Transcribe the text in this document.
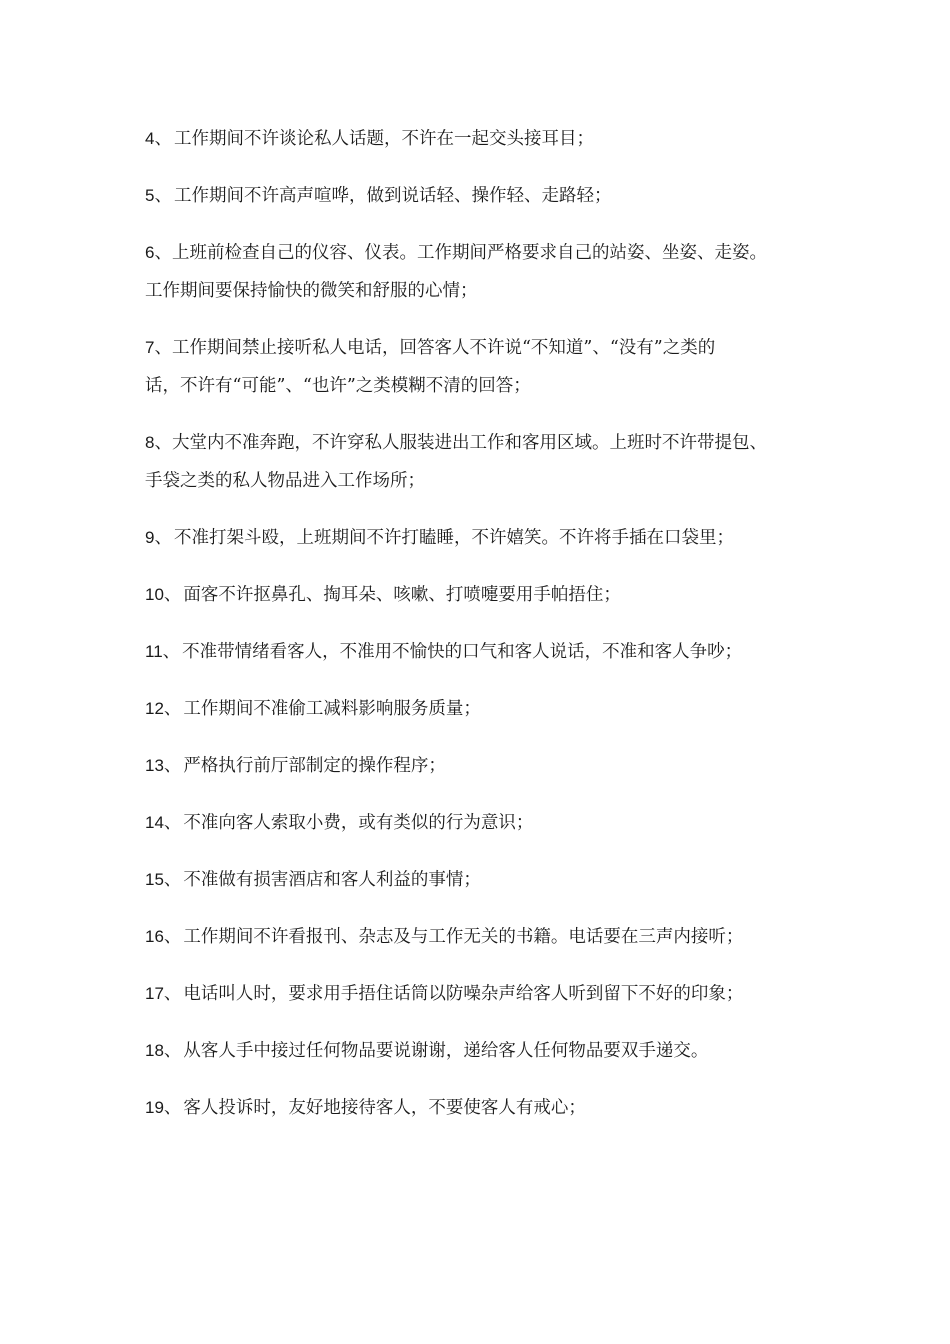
4 、 工作期间不许谈论私人话题，不许在一起交头接耳目；
5 、 工作期间不许高声喧哗，做到说话轻、操作轻、走路轻；
6、上班前检查自己的仪容、仪表。工作期间严格要求自己的站姿、坐姿、走姿。
工作期间要保持愉快的微笑和舒服的心情；
7、工作期间禁止接听私人电话，回答客人不许说“不知道”、“没有”之类的
话，不许有“可能”、“也许”之类模糊不清的回答；
8、大堂内不准奔跑，不许穿私人服装进出工作和客用区域。上班时不许带提包、
手袋之类的私人物品进入工作场所；
9 、 不准打架斗殴，上班期间不许打瞌睡，不许嬉笑。不许将手插在口袋里；
10 、 面客不许抠鼻孔、掏耳朵、咳嗽、打喷嚏要用手帕捂住；
11 、 不准带情绪看客人，不准用不愉快的口气和客人说话，不准和客人争吵；
12 、 工作期间不准偷工减料影响服务质量；
13 、 严格执行前厅部制定的操作程序；
14 、 不准向客人索取小费，或有类似的行为意识；
15 、 不准做有损害酒店和客人利益的事情；
16 、 工作期间不许看报刊、杂志及与工作无关的书籍。电话要在三声内接听；
17 、 电话叫人时，要求用手捂住话筒以防噪杂声给客人听到留下不好的印象；
18 、 从客人手中接过任何物品要说谢谢，递给客人任何物品要双手递交。
19 、 客人投诉时，友好地接待客人，不要使客人有戒心；
